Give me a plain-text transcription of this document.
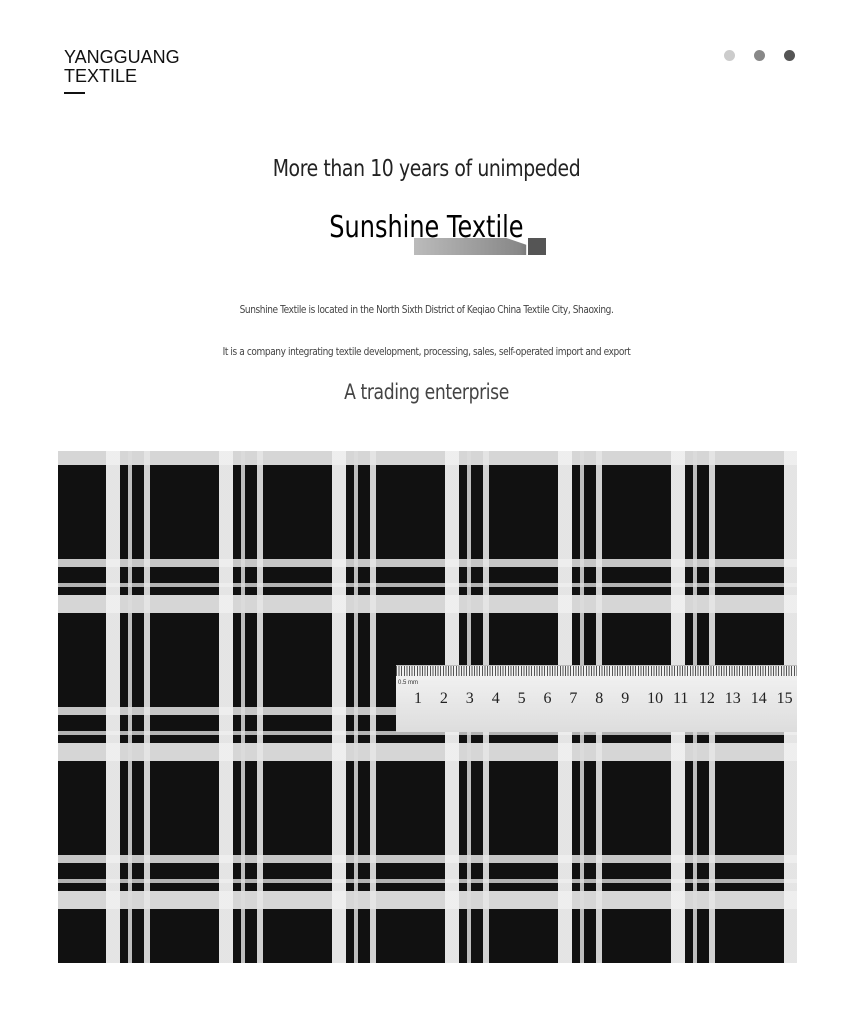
YANGGUANG
TEXTILE
More than 10 years of unimpeded
Sunshine Textile
Sunshine Textile is located in the North Sixth District of Keqiao China Textile City, Shaoxing.
It is a company integrating textile development, processing, sales, self-operated import and export
A trading enterprise
0.5 mm
1 2 3 4 5 6 7 8 9 10 11 12 13 14 15
